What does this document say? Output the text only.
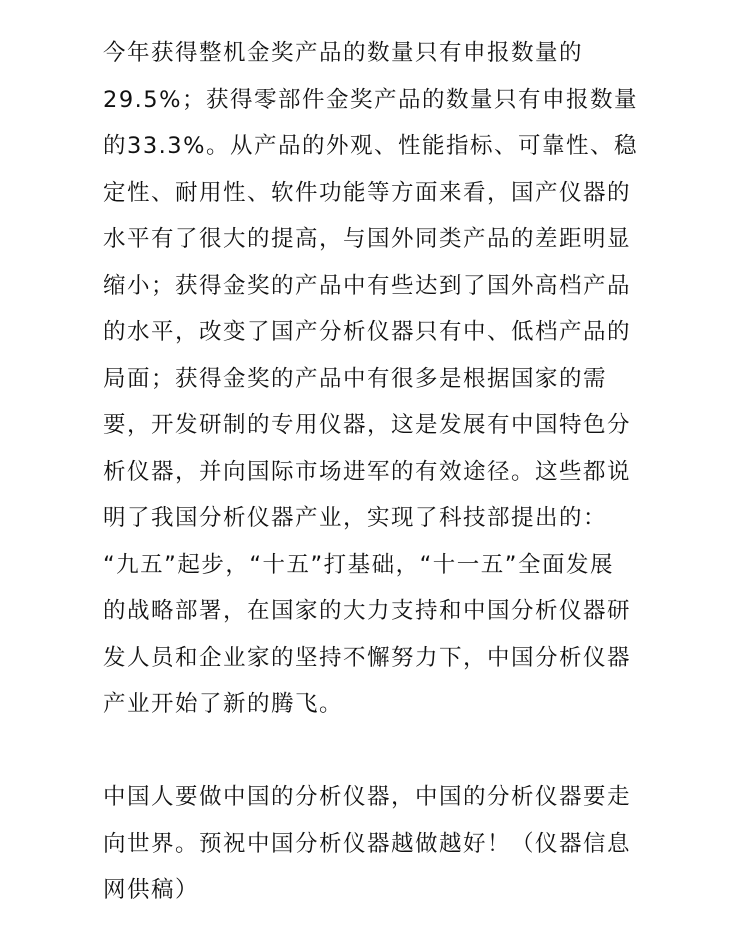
今年获得整机金奖产品的数量只有申报数量的
29.5%；获得零部件金奖产品的数量只有申报数量
的33.3%。从产品的外观、性能指标、可靠性、稳
定性、耐用性、软件功能等方面来看，国产仪器的
水平有了很大的提高，与国外同类产品的差距明显
缩小；获得金奖的产品中有些达到了国外高档产品
的水平，改变了国产分析仪器只有中、低档产品的
局面；获得金奖的产品中有很多是根据国家的需
要，开发研制的专用仪器，这是发展有中国特色分
析仪器，并向国际市场进军的有效途径。这些都说
明了我国分析仪器产业，实现了科技部提出的：
“九五”起步，“十五”打基础，“十一五”全面发展
的战略部署，在国家的大力支持和中国分析仪器研
发人员和企业家的坚持不懈努力下，中国分析仪器
产业开始了新的腾飞。
中国人要做中国的分析仪器，中国的分析仪器要走
向世界。预祝中国分析仪器越做越好！（仪器信息
网供稿）
